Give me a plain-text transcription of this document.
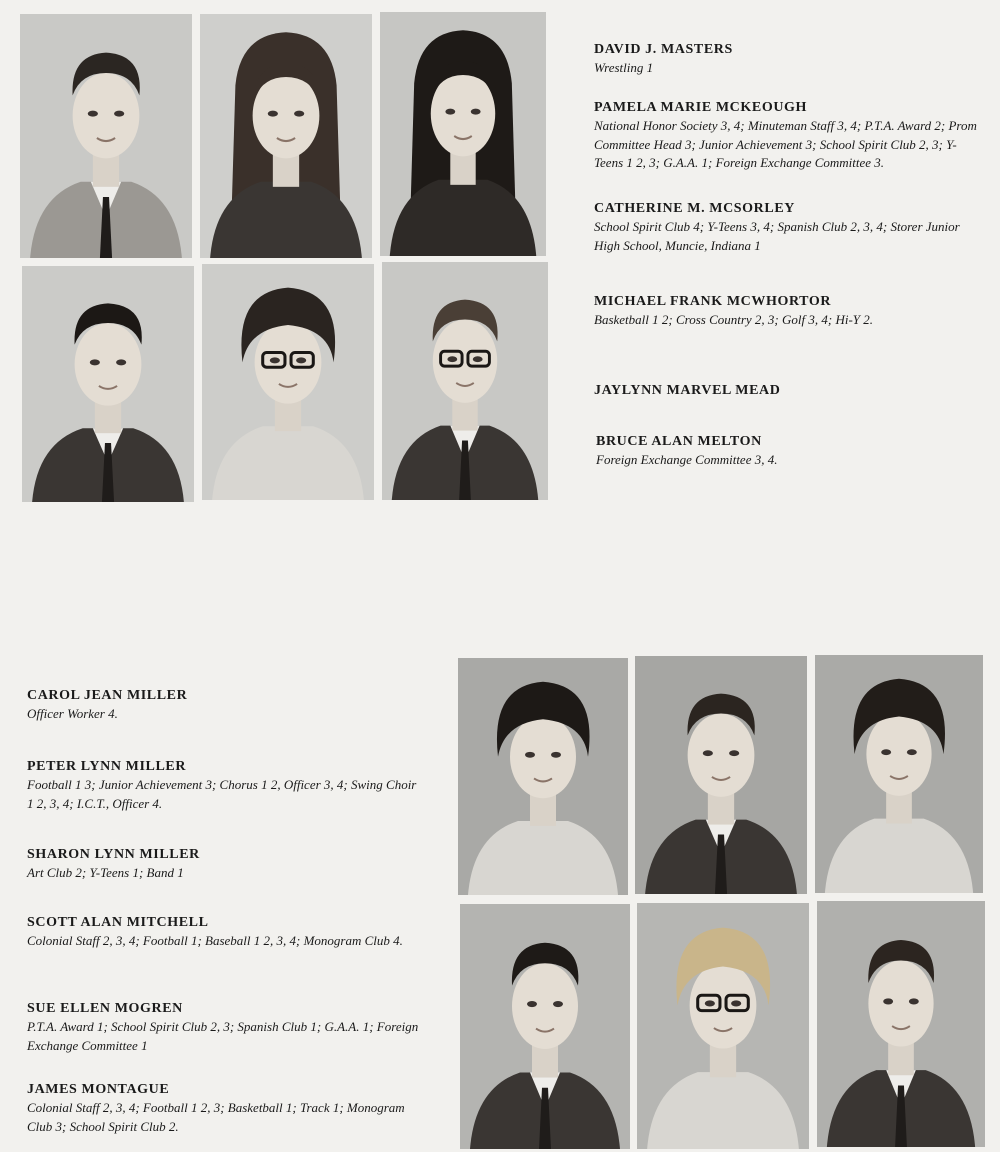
DAVID J. MASTERS

Wrestling 1

PAMELA MARIE MCKEOUGH

National Honor Society 3, 4; Minuteman Staff 3, 4; P.T.A. Award 2; Prom Committee Head 3; Junior Achievement 3; School Spirit Club 2, 3; Y-Teens 1 2, 3; G.A.A. 1; Foreign Exchange Committee 3.

CATHERINE M. MCSORLEY

School Spirit Club 4; Y-Teens 3, 4; Spanish Club 2, 3, 4; Storer Junior High School, Muncie, Indiana 1

MICHAEL FRANK MCWHORTOR

Basketball 1 2; Cross Country 2, 3; Golf 3, 4; Hi-Y 2.

JAYLYNN MARVEL MEAD

BRUCE ALAN MELTON

Foreign Exchange Committee 3, 4.

CAROL JEAN MILLER

Officer Worker 4.

PETER LYNN MILLER

Football 1 3; Junior Achievement 3; Chorus 1 2, Officer 3, 4; Swing Choir 1 2, 3, 4; I.C.T., Officer 4.

SHARON LYNN MILLER

Art Club 2; Y-Teens 1; Band 1

SCOTT ALAN MITCHELL

Colonial Staff 2, 3, 4; Football 1; Baseball 1 2, 3, 4; Monogram Club 4.

SUE ELLEN MOGREN

P.T.A. Award 1; School Spirit Club 2, 3; Spanish Club 1; G.A.A. 1; Foreign Exchange Committee 1

JAMES MONTAGUE

Colonial Staff 2, 3, 4; Football 1 2, 3; Basketball 1; Track 1; Monogram Club 3; School Spirit Club 2.
